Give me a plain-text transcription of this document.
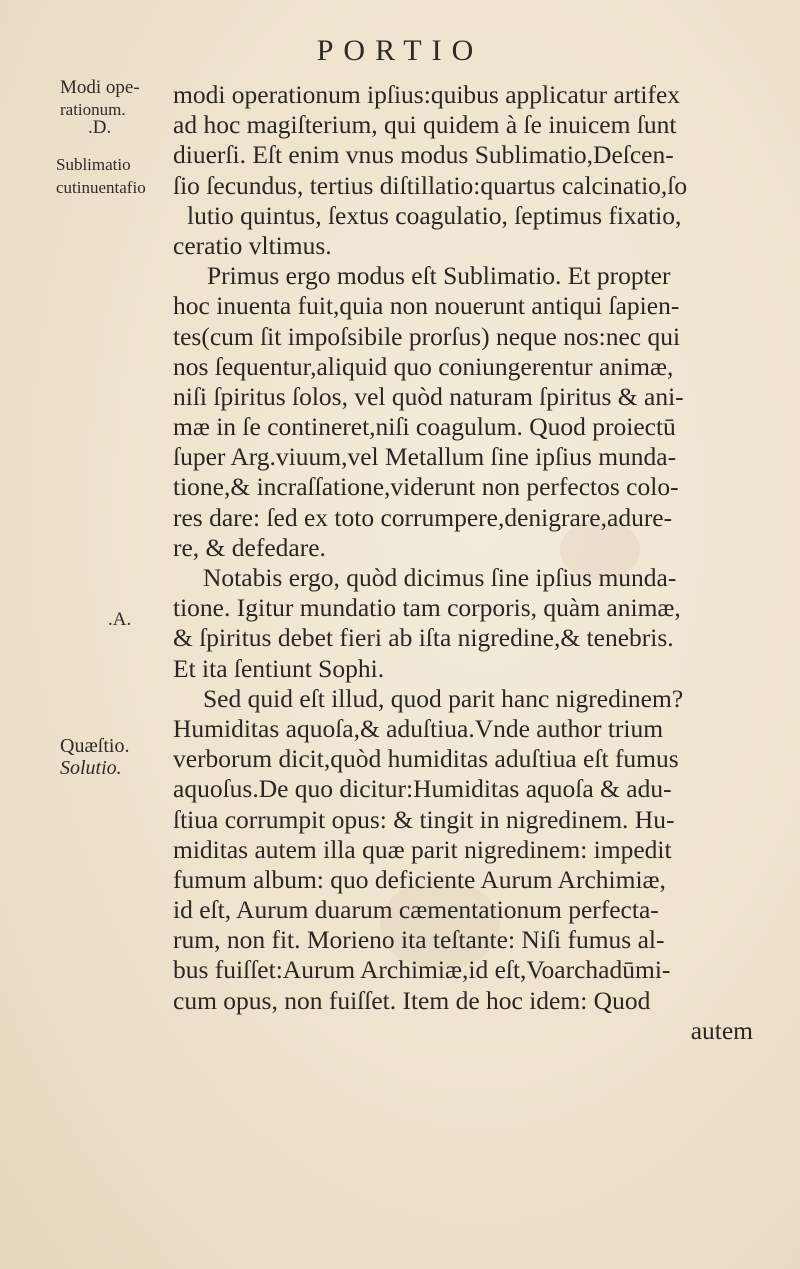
PORTIO
Modi ope-
rationum.
.D.
Sublimatio
cutinuentafio
.A.
Quæſtio.
Solutio.
modi operationum ipſius:quibus applicatur artifex
ad hoc magiſterium, qui quidem à ſe inuicem ſunt
diuerſi. Eſt enim vnus modus Sublimatio,Deſcen-
ſio ſecundus, tertius diſtillatio:quartus calcinatio,ſo
lutio quintus, ſextus coagulatio, ſeptimus fixatio,
ceratio vltimus.
Primus ergo modus eſt Sublimatio. Et propter
hoc inuenta fuit,quia non nouerunt antiqui ſapien-
tes(cum ſit impoſsibile prorſus) neque nos:nec qui
nos ſequentur,aliquid quo coniungerentur animæ,
niſi ſpiritus ſolos, vel quòd naturam ſpiritus & ani-
mæ in ſe contineret,niſi coagulum. Quod proiectū
ſuper Arg.viuum,vel Metallum ſine ipſius munda-
tione,& incraſſatione,viderunt non perfectos colo-
res dare: ſed ex toto corrumpere,denigrare,adure-
re, & defedare.
Notabis ergo, quòd dicimus ſine ipſius munda-
tione. Igitur mundatio tam corporis, quàm animæ,
& ſpiritus debet fieri ab iſta nigredine,& tenebris.
Et ita ſentiunt Sophi.
Sed quid eſt illud, quod parit hanc nigredinem?
Humiditas aquoſa,& aduſtiua.Vnde author trium
verborum dicit,quòd humiditas aduſtiua eſt fumus
aquoſus.De quo dicitur:Humiditas aquoſa & adu-
ſtiua corrumpit opus: & tingit in nigredinem. Hu-
miditas autem illa quæ parit nigredinem: impedit
fumum album: quo deficiente Aurum Archimiæ,
id eſt, Aurum duarum cæmentationum perfecta-
rum, non fit. Morieno ita teſtante: Niſi fumus al-
bus fuiſſet:Aurum Archimiæ,id eſt,Voarchadūmi-
cum opus, non fuiſſet. Item de hoc idem: Quod
autem
